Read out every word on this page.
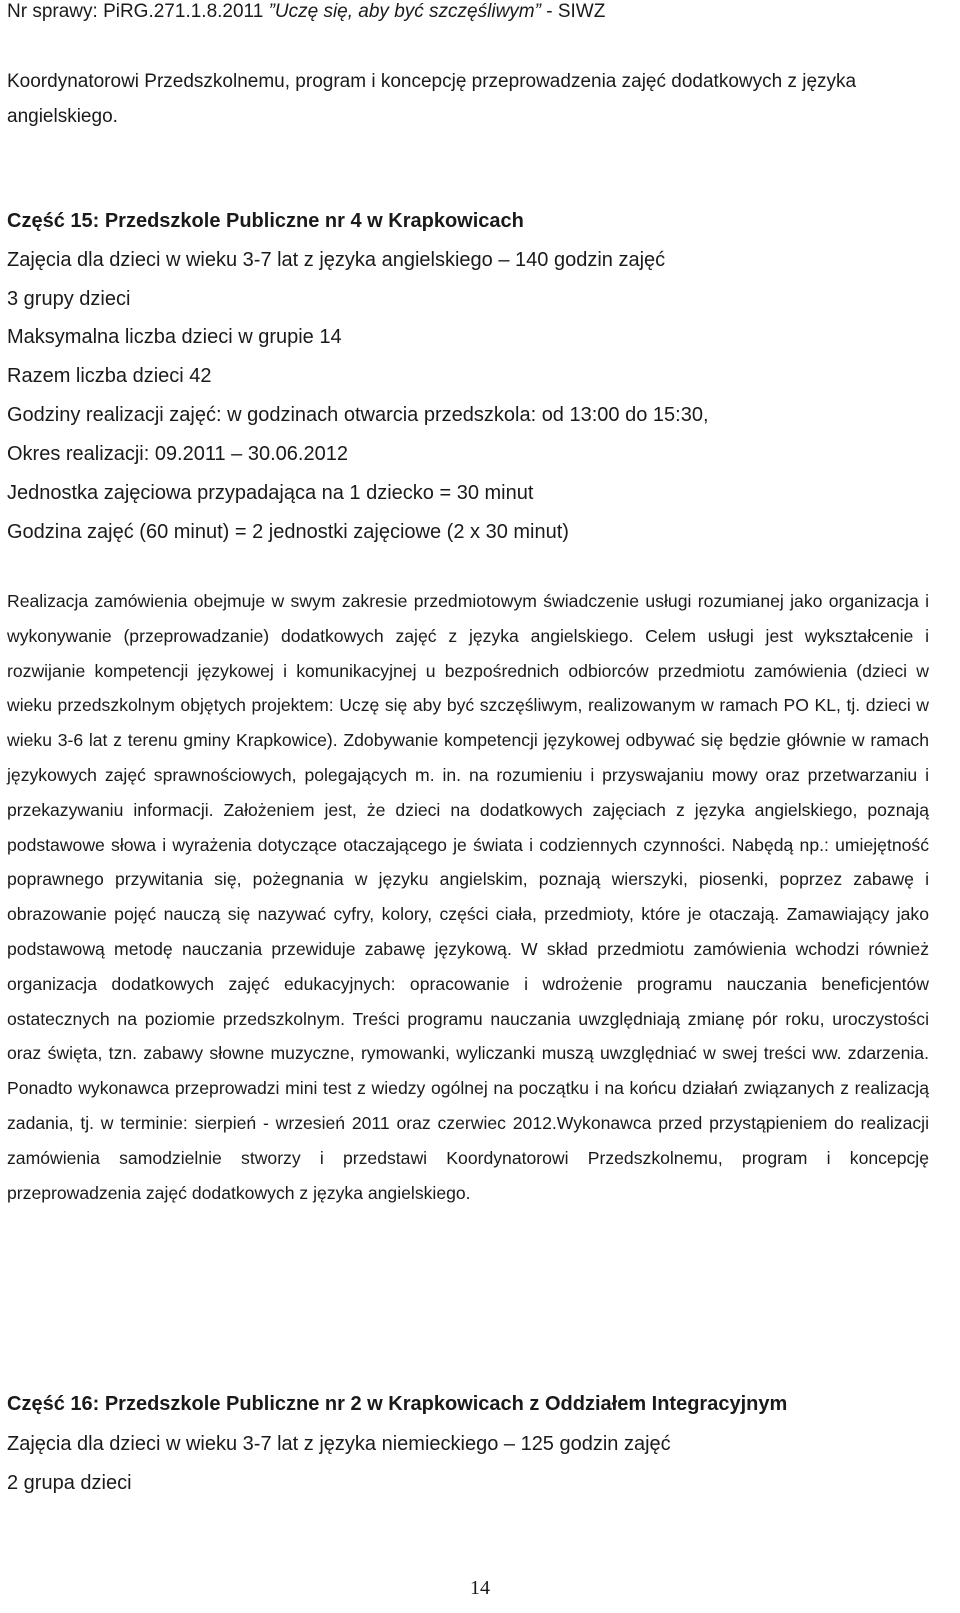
Nr sprawy: PiRG.271.1.8.2011 ”Uczę się, aby być szczęśliwym” - SIWZ
Koordynatorowi Przedszkolnemu, program i koncepcję przeprowadzenia zajęć dodatkowych z języka
angielskiego.
Część 15: Przedszkole Publiczne nr 4 w Krapkowicach
Zajęcia dla dzieci w wieku 3-7 lat z języka angielskiego – 140 godzin zajęć
3 grupy dzieci
Maksymalna liczba dzieci w grupie 14
Razem liczba dzieci 42
Godziny realizacji zajęć: w godzinach otwarcia przedszkola: od 13:00 do 15:30,
Okres realizacji: 09.2011 – 30.06.2012
Jednostka zajęciowa przypadająca na 1 dziecko = 30 minut
Godzina zajęć (60 minut) = 2 jednostki zajęciowe (2 x 30 minut)
Realizacja zamówienia obejmuje w swym zakresie przedmiotowym świadczenie usługi rozumianej jako organizacja i wykonywanie (przeprowadzanie) dodatkowych zajęć z języka angielskiego. Celem usługi jest wykształcenie i rozwijanie kompetencji językowej i komunikacyjnej u bezpośrednich odbiorców przedmiotu zamówienia (dzieci w wieku przedszkolnym objętych projektem: Uczę się aby być szczęśliwym, realizowanym w ramach PO KL, tj. dzieci w wieku 3-6 lat z terenu gminy Krapkowice). Zdobywanie kompetencji językowej odbywać się będzie głównie w ramach językowych zajęć sprawnościowych, polegających m. in. na rozumieniu i przyswajaniu mowy oraz przetwarzaniu i przekazywaniu informacji. Założeniem jest, że dzieci na dodatkowych zajęciach z języka angielskiego, poznają podstawowe słowa i wyrażenia dotyczące otaczającego je świata i codziennych czynności. Nabędą np.: umiejętność poprawnego przywitania się, pożegnania w języku angielskim, poznają wierszyki, piosenki, poprzez zabawę i obrazowanie pojęć nauczą się nazywać cyfry, kolory, części ciała, przedmioty, które je otaczają. Zamawiający jako podstawową metodę nauczania przewiduje zabawę językową. W skład przedmiotu zamówienia wchodzi również organizacja dodatkowych zajęć edukacyjnych: opracowanie i wdrożenie programu nauczania beneficjentów ostatecznych na poziomie przedszkolnym. Treści programu nauczania uwzględniają zmianę pór roku, uroczystości oraz święta, tzn. zabawy słowne muzyczne, rymowanki, wyliczanki muszą uwzględniać w swej treści ww. zdarzenia. Ponadto wykonawca przeprowadzi mini test z wiedzy ogólnej na początku i na końcu działań związanych z realizacją zadania, tj. w terminie: sierpień - wrzesień 2011 oraz czerwiec 2012.Wykonawca przed przystąpieniem do realizacji zamówienia samodzielnie stworzy i przedstawi Koordynatorowi Przedszkolnemu, program i koncepcję przeprowadzenia zajęć dodatkowych z języka angielskiego.
Część 16: Przedszkole Publiczne nr 2 w Krapkowicach z Oddziałem Integracyjnym
Zajęcia dla dzieci w wieku 3-7 lat z języka niemieckiego – 125 godzin zajęć
2 grupa dzieci
14
